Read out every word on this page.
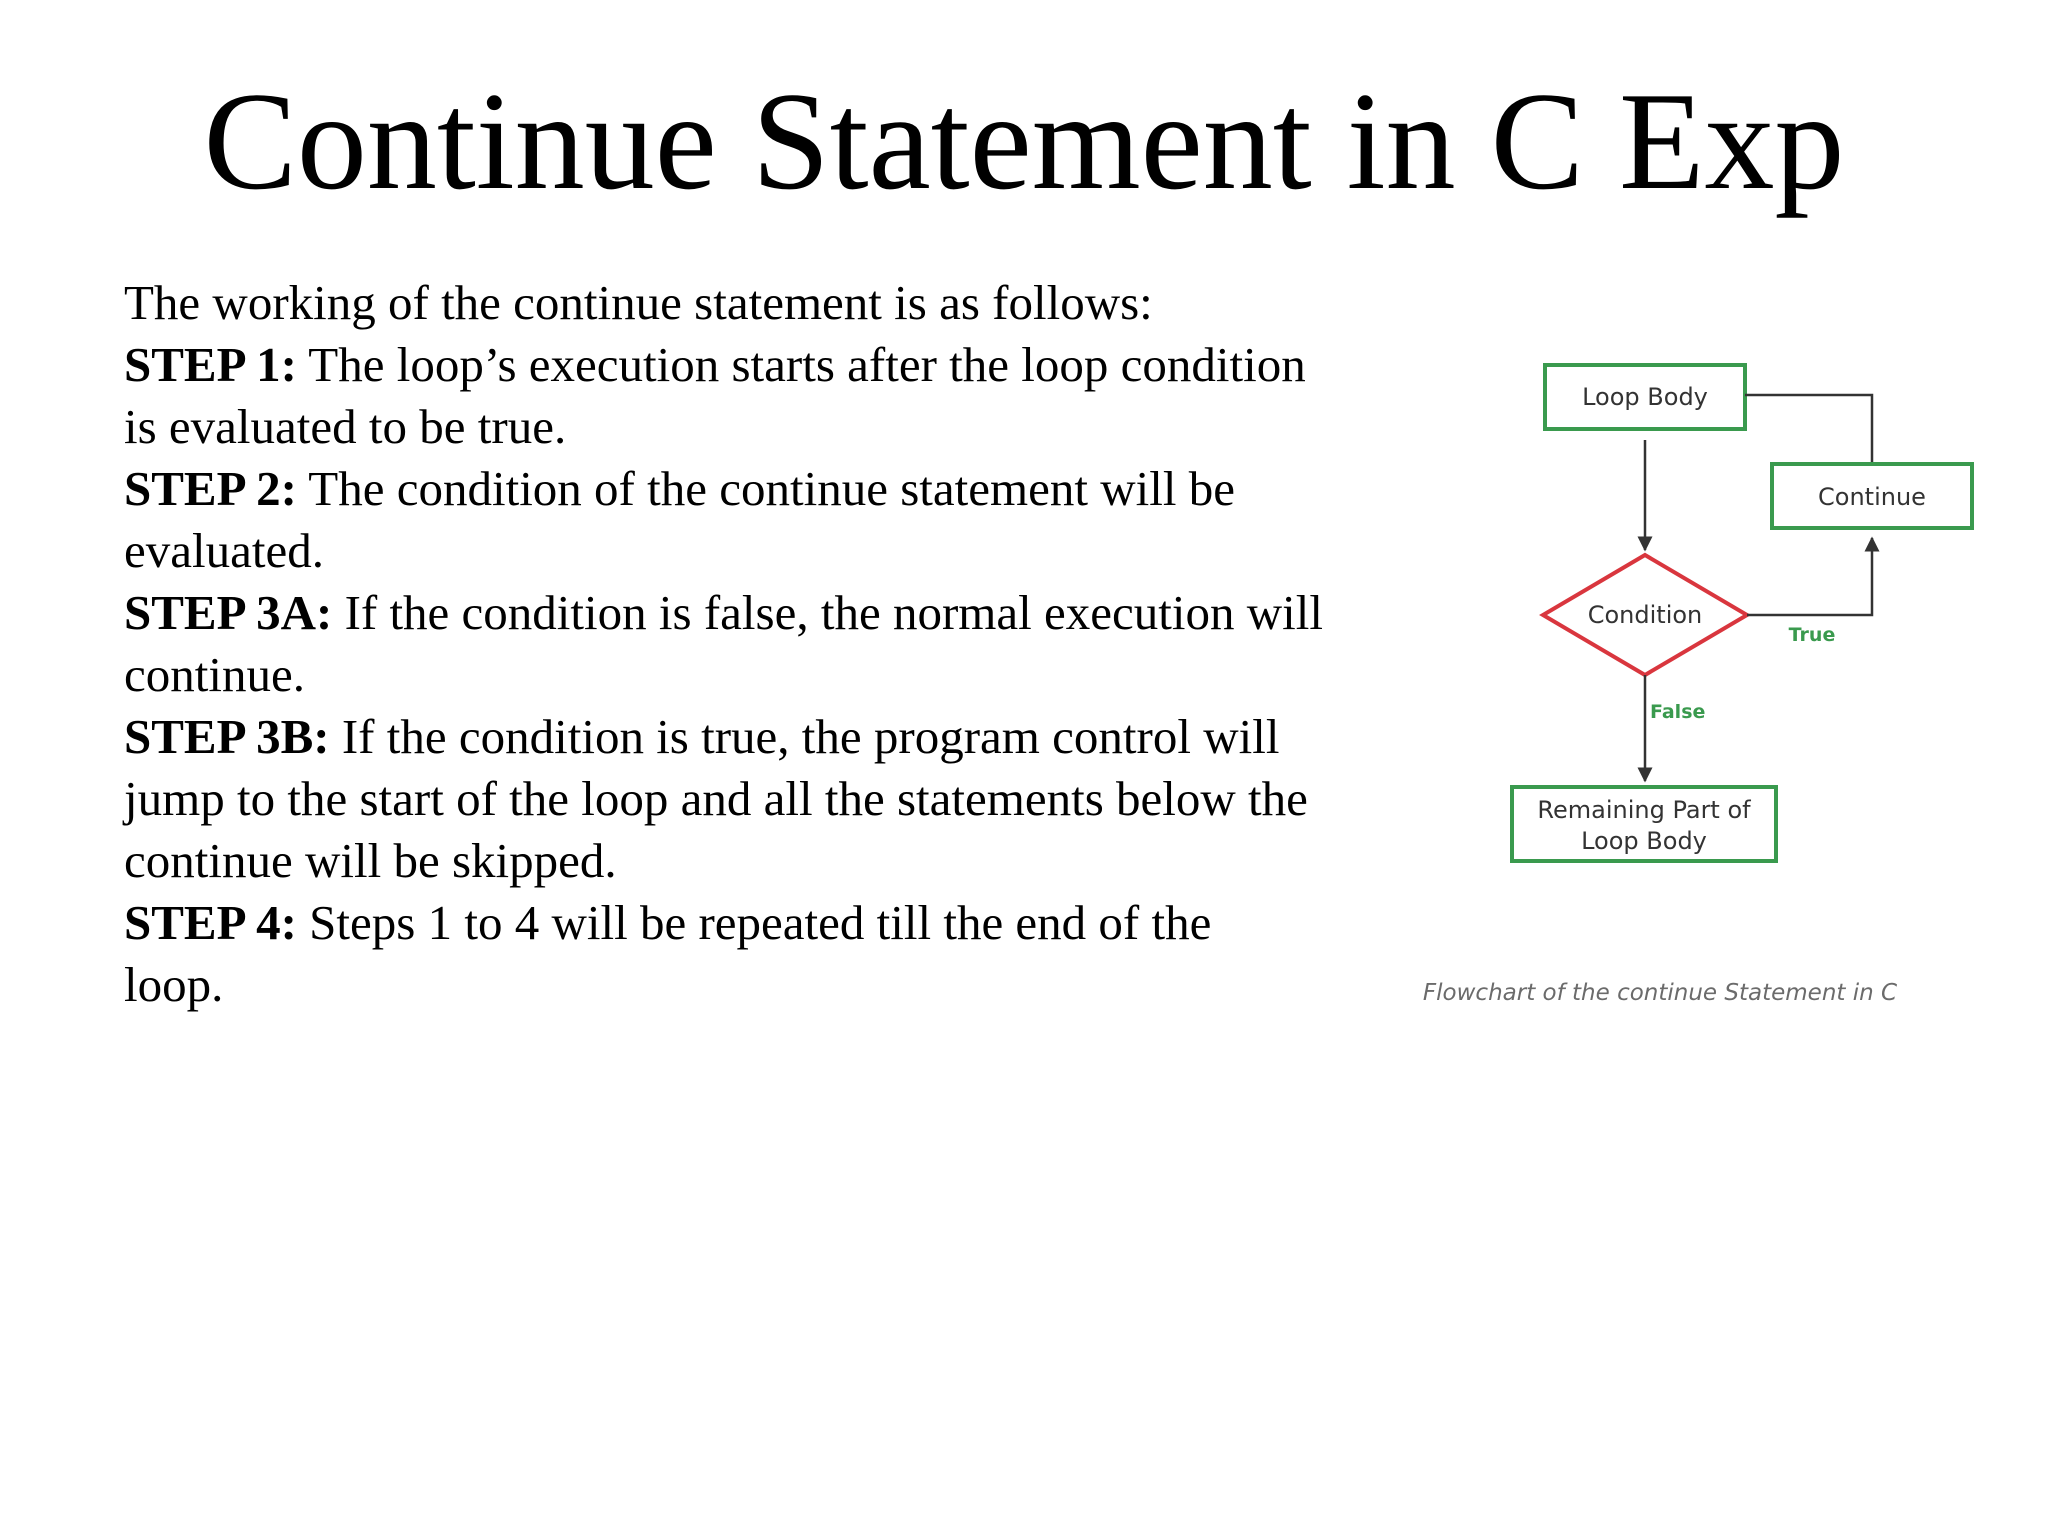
Continue Statement in C Exp
The working of the continue statement is as follows:
STEP 1: The loop’s execution starts after the loop condition
is evaluated to be true.
STEP 2: The condition of the continue statement will be
evaluated.
STEP 3A: If the condition is false, the normal execution will
continue.
STEP 3B: If the condition is true, the program control will
jump to the start of the loop and all the statements below the
continue will be skipped.
STEP 4: Steps 1 to 4 will be repeated till the end of the
loop.
Loop Body
Continue
Condition
Remaining Part of
Loop Body
True
False
Flowchart of the continue Statement in C
